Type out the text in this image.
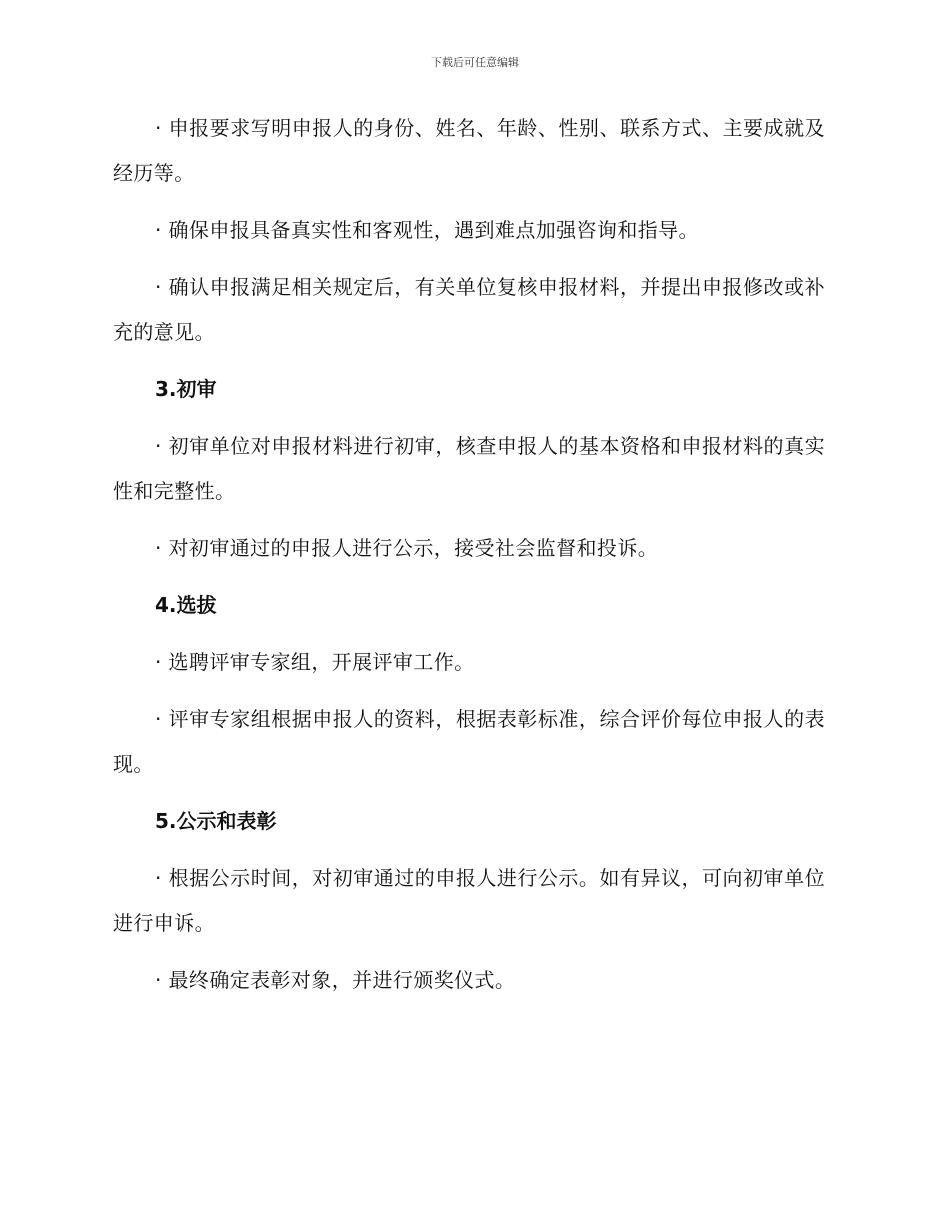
下载后可任意编辑

· 申报要求写明申报人的身份、姓名、年龄、性别、联系方式、主要成就及经历等。

· 确保申报具备真实性和客观性，遇到难点加强咨询和指导。

· 确认申报满足相关规定后，有关单位复核申报材料，并提出申报修改或补充的意见。

3.初审

· 初审单位对申报材料进行初审，核查申报人的基本资格和申报材料的真实性和完整性。

· 对初审通过的申报人进行公示，接受社会监督和投诉。

4.选拔

· 选聘评审专家组，开展评审工作。

· 评审专家组根据申报人的资料，根据表彰标准，综合评价每位申报人的表现。

5.公示和表彰

· 根据公示时间，对初审通过的申报人进行公示。如有异议，可向初审单位进行申诉。

· 最终确定表彰对象，并进行颁奖仪式。
